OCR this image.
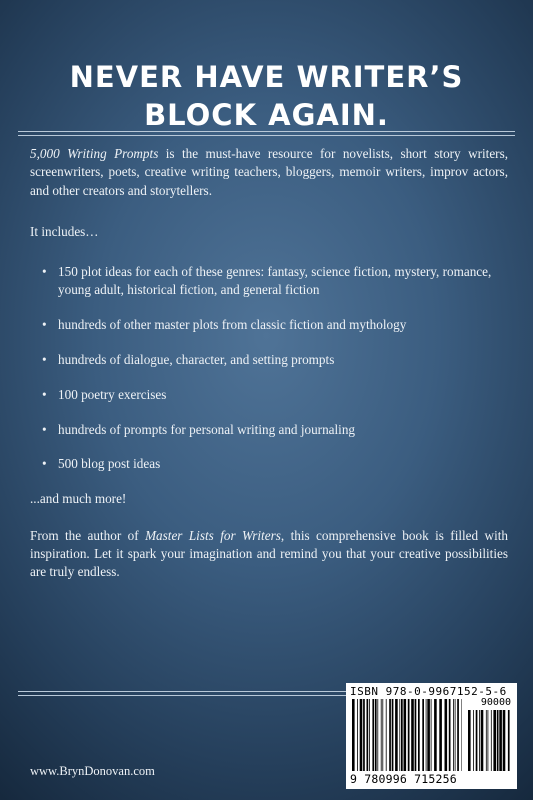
NEVER HAVE WRITER’S
BLOCK AGAIN.

5,000 Writing Prompts is the must-have resource for novelists, short story writers, screenwriters, poets, creative writing teachers, bloggers, memoir writers, improv actors, and other creators and storytellers.

It includes…

• 150 plot ideas for each of these genres: fantasy, science fiction, mystery, romance, young adult, historical fiction, and general fiction
• hundreds of other master plots from classic fiction and mythology
• hundreds of dialogue, character, and setting prompts
• 100 poetry exercises
• hundreds of prompts for personal writing and journaling
• 500 blog post ideas

...and much more!

From the author of Master Lists for Writers, this comprehensive book is filled with inspiration. Let it spark your imagination and remind you that your creative possibilities are truly endless.

www.BrynDonovan.com
ISBN 978-0-9967152-5-6
90000
9 780996 715256
